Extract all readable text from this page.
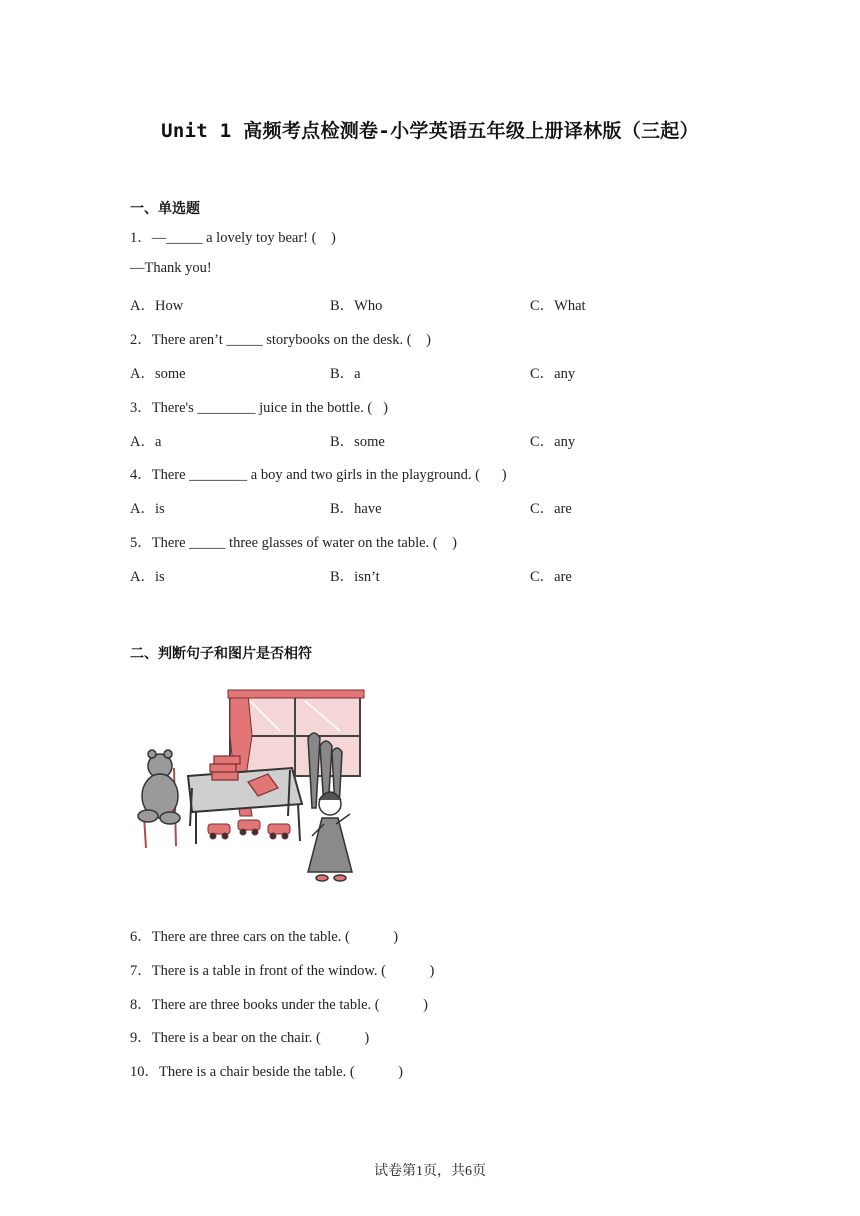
Unit 1 高频考点检测卷-小学英语五年级上册译林版（三起）
一、单选题
1．—_____ a lovely toy bear! (    )
—Thank you!
A．How	B．Who	C．What
2．There aren’t _____ storybooks on the desk. (    )
A．some	B．a	C．any
3．There's ________ juice in the bottle. (   )
A．a	B．some	C．any
4．There ________ a boy and two girls in the playground. (      )
A．is	B．have	C．are
5．There _____ three glasses of water on the table. (    )
A．is	B．isn’t	C．are
二、判断句子和图片是否相符
6．There are three cars on the table. (            )
7．There is a table in front of the window. (            )
8．There are three books under the table. (            )
9．There is a bear on the chair. (            )
10．There is a chair beside the table. (            )
试卷第1页，共6页
